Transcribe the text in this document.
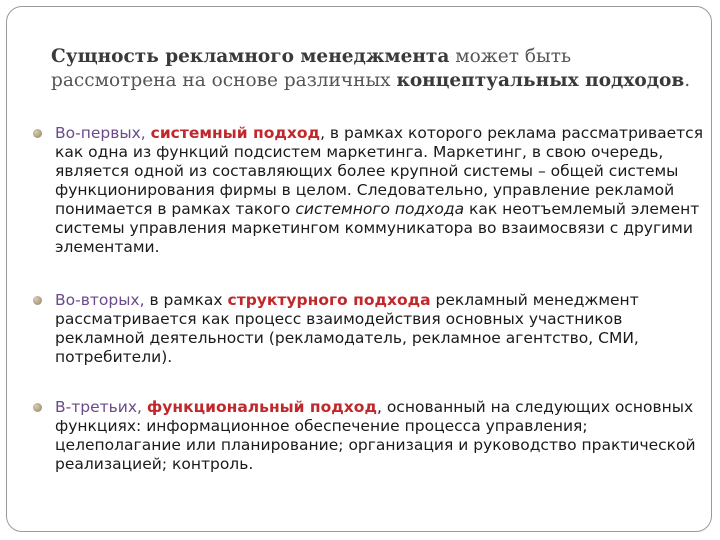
Сущность рекламного менеджмента может быть рассмотрена на основе различных концептуальных подходов.
Во-первых, системный подход, в рамках которого реклама рассматривается как одна из функций подсистем маркетинга. Маркетинг, в свою очередь, является одной из составляющих более крупной системы – общей системы функционирования фирмы в целом. Следовательно, управление рекламой понимается в рамках такого системного подхода как неотъемлемый элемент системы управления маркетингом коммуникатора во взаимосвязи с другими элементами.
Во-вторых, в рамках структурного подхода рекламный менеджмент рассматривается как процесс взаимодействия основных участников рекламной деятельности (рекламодатель, рекламное агентство, СМИ, потребители).
В-третьих, функциональный подход, основанный на следующих основных функциях: информационное обеспечение процесса управления; целеполагание или планирование; организация и руководство практической реализацией; контроль.
